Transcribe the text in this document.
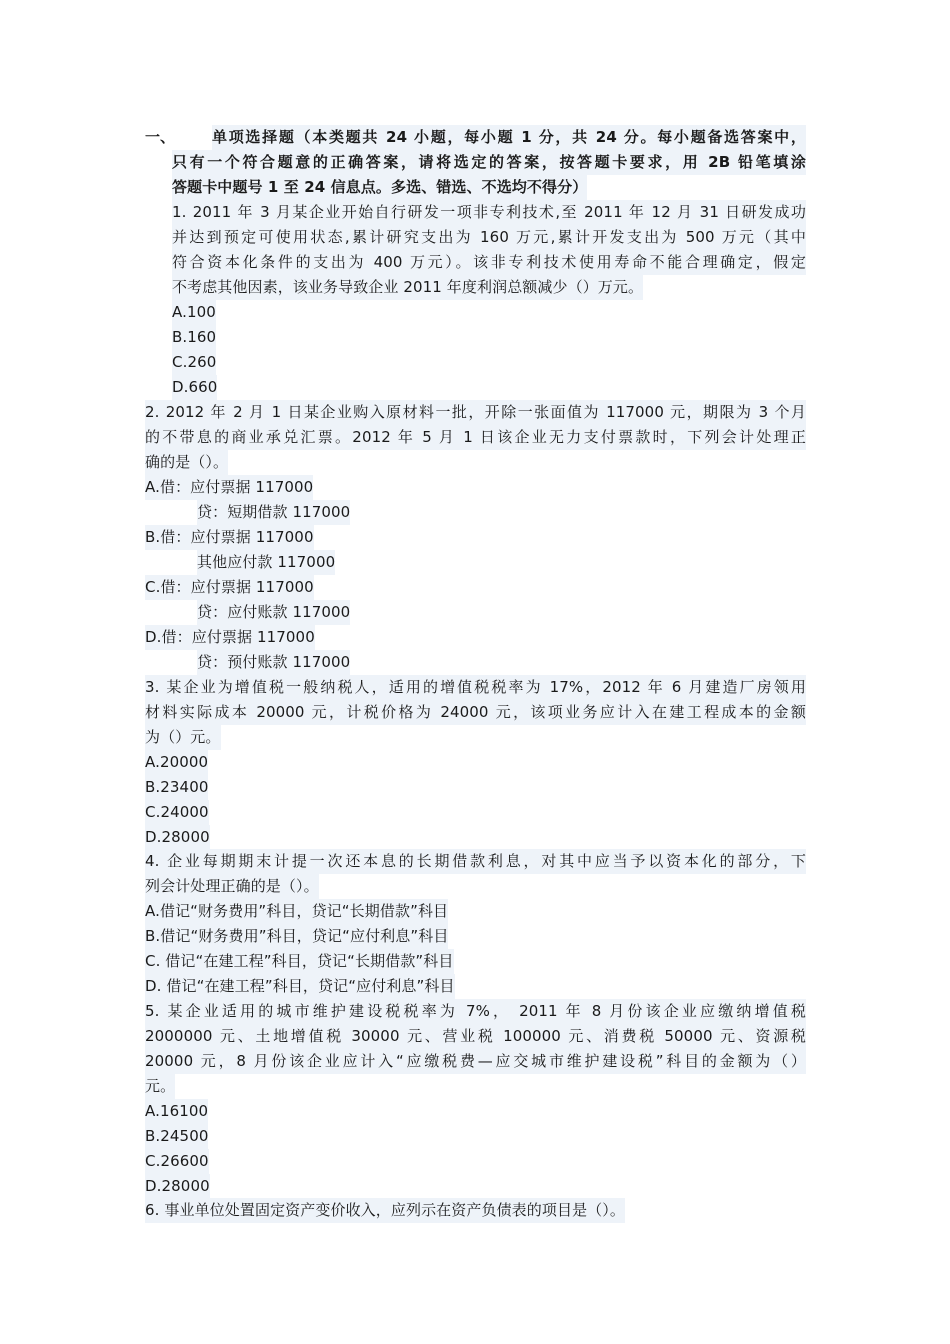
一、 单项选择题（本类题共 24 小题，每小题 1 分，共 24 分。每小题备选答案中，
只有一个符合题意的正确答案，请将选定的答案，按答题卡要求，用 2B 铅笔填涂
答题卡中题号 1 至 24 信息点。多选、错选、不选均不得分）
1. 2011 年 3 月某企业开始自行研发一项非专利技术,至 2011 年 12 月 31 日研发成功
并达到预定可使用状态,累计研究支出为 160 万元,累计开发支出为 500 万元（其中
符合资本化条件的支出为 400 万元）。该非专利技术使用寿命不能合理确定，假定
不考虑其他因素，该业务导致企业 2011 年度利润总额减少（）万元。
A.100
B.160
C.260
D.660
2. 2012 年 2 月 1 日某企业购入原材料一批，开除一张面值为 117000 元，期限为 3 个月
的不带息的商业承兑汇票。2012 年 5 月 1 日该企业无力支付票款时，下列会计处理正
确的是（）。
A.借：应付票据 117000
贷：短期借款 117000
B.借：应付票据 117000
其他应付款 117000
C.借：应付票据 117000
贷：应付账款 117000
D.借：应付票据 117000
贷：预付账款 117000
3. 某企业为增值税一般纳税人，适用的增值税税率为 17%，2012 年 6 月建造厂房领用
材料实际成本 20000 元，计税价格为 24000 元，该项业务应计入在建工程成本的金额
为（）元。
A.20000
B.23400
C.24000
D.28000
4. 企业每期期末计提一次还本息的长期借款利息，对其中应当予以资本化的部分，下
列会计处理正确的是（）。
A.借记“财务费用”科目，贷记“长期借款”科目
B.借记“财务费用”科目，贷记“应付利息”科目
C. 借记“在建工程”科目，贷记“长期借款”科目
D. 借记“在建工程”科目，贷记“应付利息”科目
5. 某企业适用的城市维护建设税税率为 7%， 2011 年 8 月份该企业应缴纳增值税
2000000 元、土地增值税 30000 元、营业税 100000 元、消费税 50000 元、资源税
20000 元，8 月份该企业应计入“应缴税费—应交城市维护建设税”科目的金额为（）
元。
A.16100
B.24500
C.26600
D.28000
6. 事业单位处置固定资产变价收入，应列示在资产负债表的项目是（）。
